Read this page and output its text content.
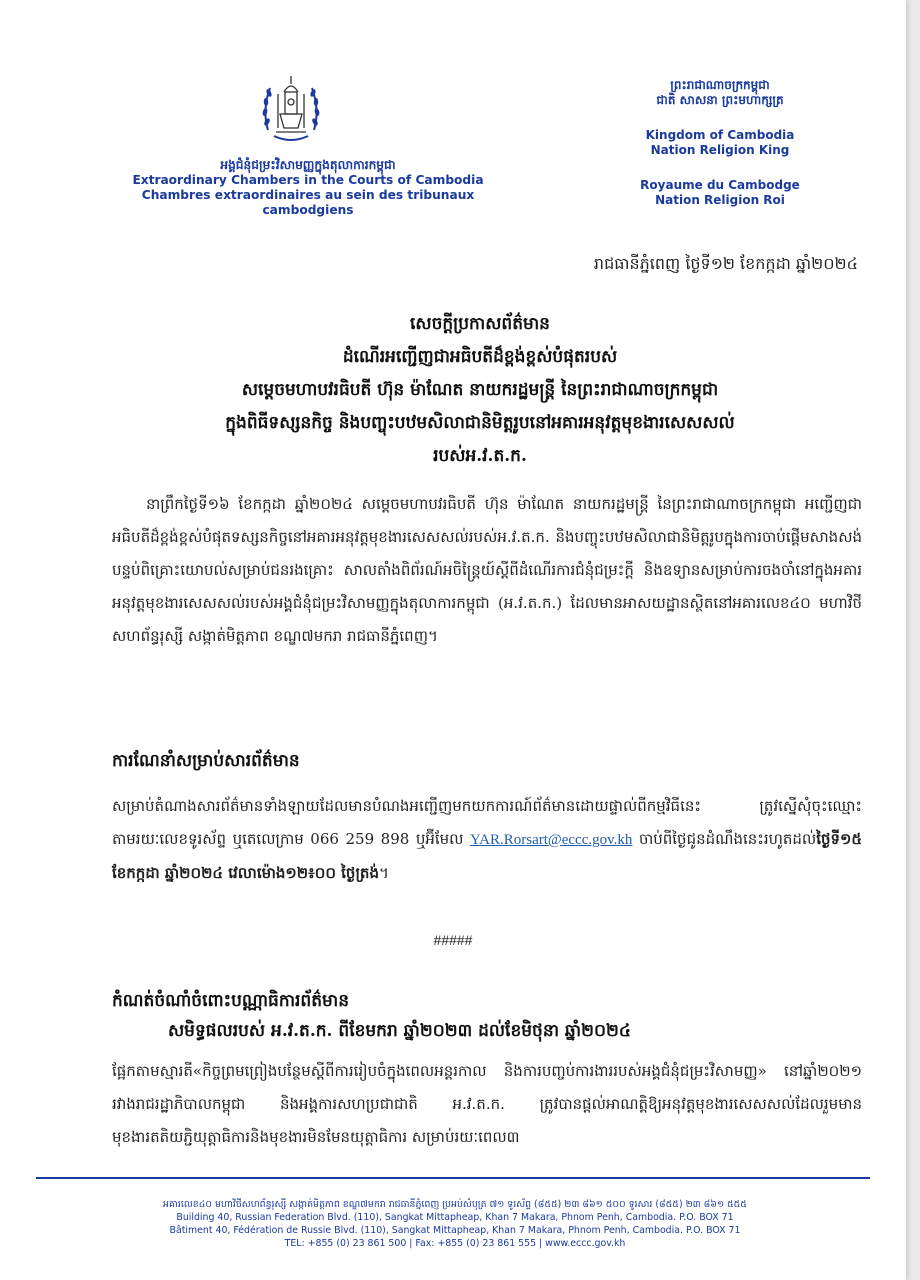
អង្គជំនុំជម្រះវិសាមញ្ញក្នុងតុលាការកម្ពុជា
Extraordinary Chambers in the Courts of Cambodia
Chambres extraordinaires au sein des tribunaux cambodgiens
ព្រះរាជាណាចក្រកម្ពុជា
ជាតិ សាសនា ព្រះមហាក្សត្រ
Kingdom of Cambodia
Nation Religion King
Royaume du Cambodge
Nation Religion Roi
រាជធានីភ្នំពេញ ថ្ងៃទី១២ ខែកក្កដា ឆ្នាំ២០២៤
សេចក្តីប្រកាសព័ត៌មាន
ដំណើរអញ្ជើញជាអធិបតីដ៏ខ្ពង់ខ្ពស់បំផុតរបស់
សម្តេចមហាបវរធិបតី ហ៊ុន ម៉ាណែត នាយករដ្ឋមន្ត្រី នៃព្រះរាជាណាចក្រកម្ពុជា
ក្នុងពិធីទស្សនកិច្ច និងបញ្ចុះបឋមសិលាជានិមិត្តរូបនៅអគារអនុវត្តមុខងារសេសសល់
របស់អ.វ.ត.ក.
នាព្រឹកថ្ងៃទី១៦ ខែកក្កដា ឆ្នាំ២០២៤ សម្តេចមហាបវរធិបតី ហ៊ុន ម៉ាណែត នាយករដ្ឋមន្ត្រី នៃព្រះរាជាណាចក្រកម្ពុជា អញ្ជើញជាអធិបតីដ៏ខ្ពង់ខ្ពស់បំផុតទស្សនកិច្ចនៅអគារអនុវត្តមុខងារសេសសល់របស់អ.វ.ត.ក. និងបញ្ចុះបឋមសិលាជានិមិត្តរូបក្នុងការចាប់ផ្តើមសាងសង់បន្ទប់ពិគ្រោះយោបល់សម្រាប់ជនរងគ្រោះ សាលតាំងពិព័រណ៍អចិន្ត្រៃយ៍ស្តីពីដំណើរការជំនុំជម្រះក្តី និងឧទ្យានសម្រាប់ការចងចាំនៅក្នុងអគារអនុវត្តមុខងារសេសសល់របស់អង្គជំនុំជម្រះវិសាមញ្ញក្នុងតុលាការកម្ពុជា (អ.វ.ត.ក.) ដែលមានអាសយដ្ឋានស្ថិតនៅអគារលេខ៤០ មហាវិថីសហព័ន្ធរុស្សី សង្កាត់មិត្តភាព ខណ្ឌ៧មករា រាជធានីភ្នំពេញ។
ការណែនាំសម្រាប់សារព័ត៌មាន
សម្រាប់តំណាងសារព័ត៌មានទាំងឡាយដែលមានបំណងអញ្ជើញមកយកការណ៍ព័ត៌មានដោយផ្ទាល់ពីកម្មវិធីនេះ ត្រូវស្នើសុំចុះឈ្មោះតាមរយៈលេខទូរស័ព្ទ ឬតេលេក្រាម 066 259 898 ឬអ៊ីមែល YAR.Rorsart@eccc.gov.kh ចាប់ពីថ្ងៃជូនដំណឹងនេះរហូតដល់ថ្ងៃទី១៥ ខែកក្កដា ឆ្នាំ២០២៤ វេលាម៉ោង១២៖០០ ថ្ងៃត្រង់។
#####
កំណត់ចំណាំចំពោះបណ្ណាធិការព័ត៌មាន
សមិទ្ធផលរបស់ អ.វ.ត.ក. ពីខែមករា ឆ្នាំ២០២៣ ដល់ខែមិថុនា ឆ្នាំ២០២៤
ផ្អែកតាមស្មារតី«កិច្ចព្រមព្រៀងបន្ថែមស្តីពីការរៀបចំក្នុងពេលអន្តរកាល និងការបញ្ចប់ការងាររបស់អង្គជំនុំជម្រះវិសាមញ្ញ» នៅឆ្នាំ២០២១ រវាងរាជរដ្ឋាភិបាលកម្ពុជា និងអង្គការសហប្រជាជាតិ អ.វ.ត.ក. ត្រូវបានផ្តល់អាណត្តិឱ្យអនុវត្តមុខងារសេសសល់ដែលរួមមានមុខងារតតិយភ្ជិយុត្តាធិការនិងមុខងារមិនមែនយុត្តាធិការ សម្រាប់រយៈពេល៣
អគារលេខ៤០ មហាវិថីសហព័ន្ធរុស្សី សង្កាត់មិត្តភាព ខណ្ឌ៧មករា រាជធានីភ្នំពេញ ប្រអប់សំបុត្រ ៧១ ទូរស័ព្ទ (៨៥៥) ២៣ ៨៦១ ៥០០ ទូរសារ (៨៥៥) ២៣ ៨៦១ ៥៥៥
Building 40, Russian Federation Blvd. (110), Sangkat Mittapheap, Khan 7 Makara, Phnom Penh, Cambodia. P.O. BOX 71
Bâtiment 40, Fédération de Russie Blvd. (110), Sangkat Mittapheap, Khan 7 Makara, Phnom Penh, Cambodia. P.O. BOX 71
TEL: +855 (0) 23 861 500 | Fax: +855 (0) 23 861 555 | www.eccc.gov.kh
